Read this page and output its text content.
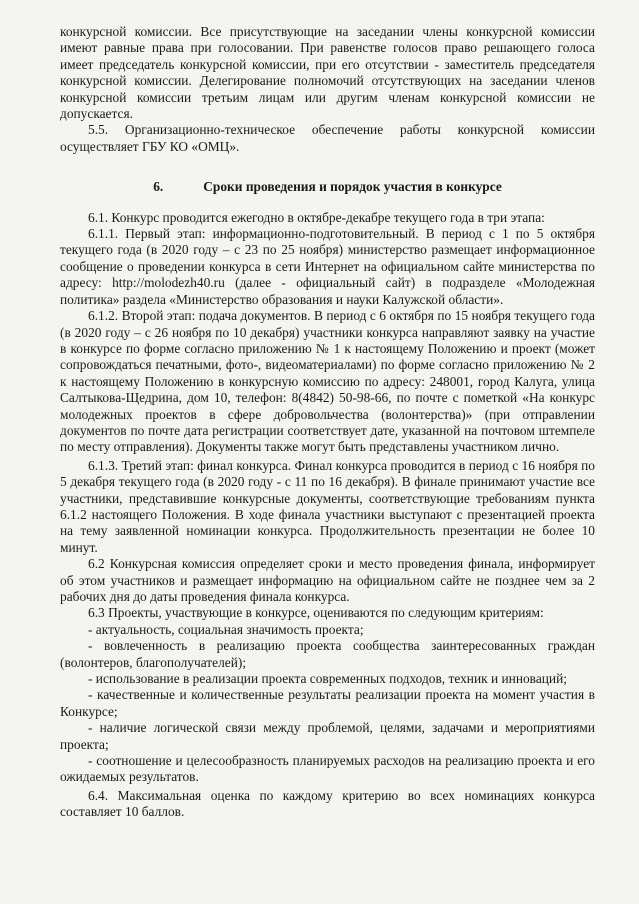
конкурсной комиссии. Все присутствующие на заседании члены конкурсной комиссии имеют равные права при голосовании. При равенстве голосов право решающего голоса имеет председатель конкурсной комиссии, при его отсутствии - заместитель председателя конкурсной комиссии. Делегирование полномочий отсутствующих на заседании членов конкурсной комиссии третьим лицам или другим членам конкурсной комиссии не допускается.

5.5. Организационно-техническое обеспечение работы конкурсной комиссии осуществляет ГБУ КО «ОМЦ».

6.	Сроки проведения и порядок участия в конкурсе

6.1. Конкурс проводится ежегодно в октябре-декабре текущего года в три этапа:

6.1.1. Первый этап: информационно-подготовительный. В период с 1 по 5 октября текущего года (в 2020 году – с 23 по 25 ноября) министерство размещает информационное сообщение о проведении конкурса в сети Интернет на официальном сайте министерства по адресу: http://molodezh40.ru (далее - официальный сайт) в подразделе «Молодежная политика» раздела «Министерство образования и науки Калужской области».

6.1.2. Второй этап: подача документов. В период с 6 октября по 15 ноября текущего года (в 2020 году – с 26 ноября по 10 декабря) участники конкурса направляют заявку на участие в конкурсе по форме согласно приложению № 1 к настоящему Положению и проект (может сопровождаться печатными, фото-, видеоматериалами) по форме согласно приложению № 2 к настоящему Положению в конкурсную комиссию по адресу: 248001, город Калуга, улица Салтыкова-Щедрина, дом 10, телефон: 8(4842) 50-98-66, по почте с пометкой «На конкурс молодежных проектов в сфере добровольчества (волонтерства)» (при отправлении документов по почте дата регистрации соответствует дате, указанной на почтовом штемпеле по месту отправления). Документы также могут быть представлены участником лично.

6.1.3. Третий этап: финал конкурса. Финал конкурса проводится в период с 16 ноября по 5 декабря текущего года (в 2020 году - с 11 по 16 декабря). В финале принимают участие все участники, представившие конкурсные документы, соответствующие требованиям пункта 6.1.2 настоящего Положения. В ходе финала участники выступают с презентацией проекта на тему заявленной номинации конкурса. Продолжительность презентации не более 10 минут.

6.2 Конкурсная комиссия определяет сроки и место проведения финала, информирует об этом участников и размещает информацию на официальном сайте не позднее чем за 2 рабочих дня до даты проведения финала конкурса.

6.3 Проекты, участвующие в конкурсе, оцениваются по следующим критериям:

- актуальность, социальная значимость проекта;

- вовлеченность в реализацию проекта сообщества заинтересованных граждан (волонтеров, благополучателей);

- использование в реализации проекта современных подходов, техник и инноваций;

- качественные и количественные результаты реализации проекта на момент участия в Конкурсе;

- наличие логической связи между проблемой, целями, задачами и мероприятиями проекта;

- соотношение и целесообразность планируемых расходов на реализацию проекта и его ожидаемых результатов.

6.4. Максимальная оценка по каждому критерию во всех номинациях конкурса составляет 10 баллов.
